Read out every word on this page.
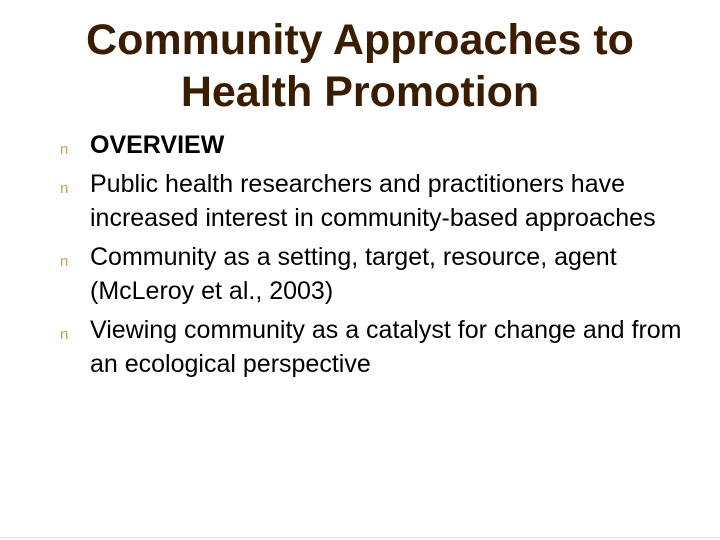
Community Approaches to
Health Promotion
n OVERVIEW
n Public health researchers and practitioners have increased interest in community-based approaches
n Community as a setting, target, resource, agent (McLeroy et al., 2003)
n Viewing community as a catalyst for change and from an ecological perspective
